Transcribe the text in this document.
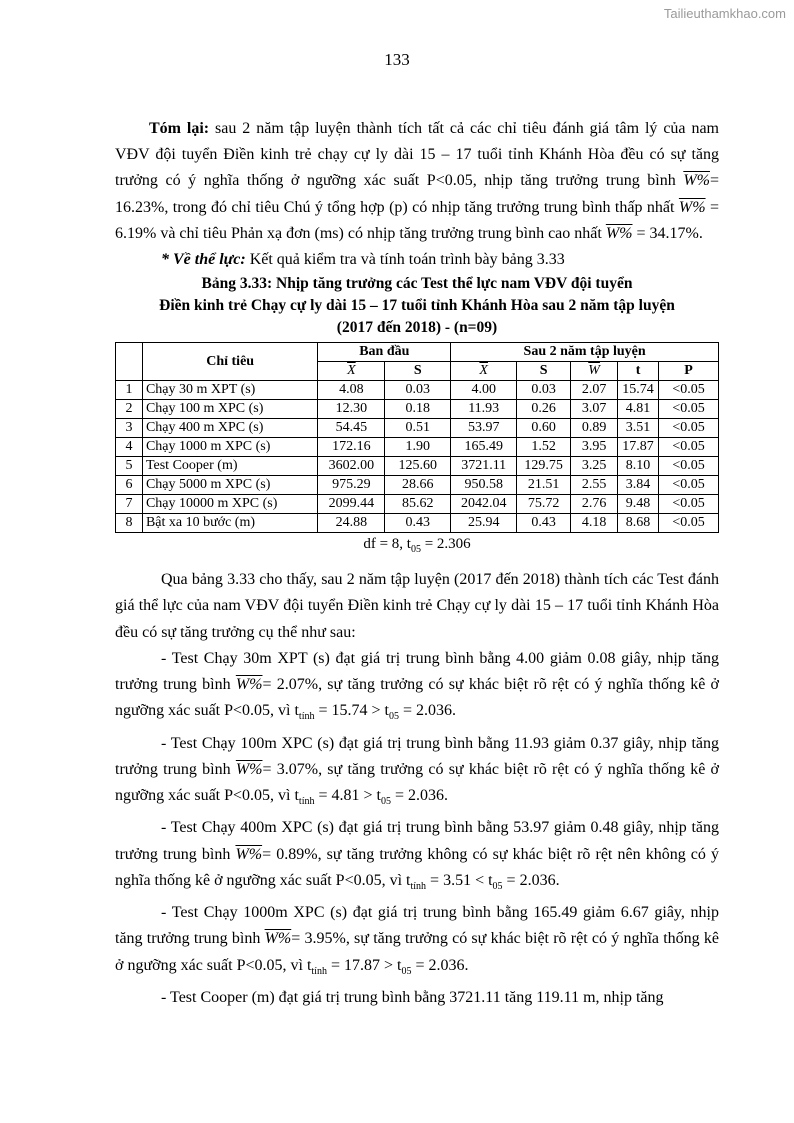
Tailieuthamkhao.com
133

Tóm lại: sau 2 năm tập luyện thành tích tất cả các chỉ tiêu đánh giá tâm lý của nam VĐV đội tuyển Điền kinh trẻ chạy cự ly dài 15 – 17 tuổi tỉnh Khánh Hòa đều có sự tăng trưởng có ý nghĩa thống ở ngưỡng xác suất P<0.05, nhịp tăng trưởng trung bình W%= 16.23%, trong đó chỉ tiêu Chú ý tổng hợp (p) có nhịp tăng trưởng trung bình thấp nhất W% = 6.19% và chỉ tiêu Phản xạ đơn (ms) có nhịp tăng trưởng trung bình cao nhất W% = 34.17%.

* Về thể lực: Kết quả kiểm tra và tính toán trình bày bảng 3.33

Bảng 3.33: Nhịp tăng trưởng các Test thể lực nam VĐV đội tuyển
Điền kinh trẻ Chạy cự ly dài 15 – 17 tuổi tỉnh Khánh Hòa sau 2 năm tập luyện
(2017 đến 2018) - (n=09)
	Chỉ tiêu	Ban đầu		Sau 2 năm tập luyện				
		$\overline{X}$	S	$\overline{X}$	S	$\overline{W}$	t	P
1	Chạy 30 m XPT (s)	4.08	0.03	4.00	0.03	2.07	15.74	<0.05
2	Chạy 100 m XPC (s)	12.30	0.18	11.93	0.26	3.07	4.81	<0.05
3	Chạy 400 m XPC (s)	54.45	0.51	53.97	0.60	0.89	3.51	<0.05
4	Chạy 1000 m XPC (s)	172.16	1.90	165.49	1.52	3.95	17.87	<0.05
5	Test Cooper (m)	3602.00	125.60	3721.11	129.75	3.25	8.10	<0.05
6	Chạy 5000 m XPC (s)	975.29	28.66	950.58	21.51	2.55	3.84	<0.05
7	Chạy 10000 m XPC (s)	2099.44	85.62	2042.04	75.72	2.76	9.48	<0.05
8	Bật xa 10 bước (m)	24.88	0.43	25.94	0.43	4.18	8.68	<0.05
df = 8, $t_{05} = 2.306$

Qua bảng 3.33 cho thấy, sau 2 năm tập luyện (2017 đến 2018) thành tích các Test đánh giá thể lực của nam VĐV đội tuyển Điền kinh trẻ Chạy cự ly dài 15 – 17 tuổi tỉnh Khánh Hòa đều có sự tăng trưởng cụ thể như sau:

- Test Chạy 30m XPT (s) đạt giá trị trung bình bằng 4.00 giảm 0.08 giây, nhịp tăng trưởng trung bình W%= 2.07%, sự tăng trưởng có sự khác biệt rõ rệt có ý nghĩa thống kê ở ngưỡng xác suất P<0.05, vì $t_{tính} = 15.74 > t_{05} = 2.036$.

- Test Chạy 100m XPC (s) đạt giá trị trung bình bằng 11.93 giảm 0.37 giây, nhịp tăng trưởng trung bình W%= 3.07%, sự tăng trưởng có sự khác biệt rõ rệt có ý nghĩa thống kê ở ngưỡng xác suất P<0.05, vì $t_{tính} = 4.81 > t_{05} = 2.036$.

- Test Chạy 400m XPC (s) đạt giá trị trung bình bằng 53.97 giảm 0.48 giây, nhịp tăng trưởng trung bình W%= 0.89%, sự tăng trưởng không có sự khác biệt rõ rệt nên không có ý nghĩa thống kê ở ngưỡng xác suất P<0.05, vì $t_{tính} = 3.51 < t_{05} = 2.036$.

- Test Chạy 1000m XPC (s) đạt giá trị trung bình bằng 165.49 giảm 6.67 giây, nhịp tăng trưởng trung bình W%= 3.95%, sự tăng trưởng có sự khác biệt rõ rệt có ý nghĩa thống kê ở ngưỡng xác suất P<0.05, vì $t_{tính} = 17.87 > t_{05} = 2.036$.

- Test Cooper (m) đạt giá trị trung bình bằng 3721.11 tăng 119.11 m, nhịp tăng
